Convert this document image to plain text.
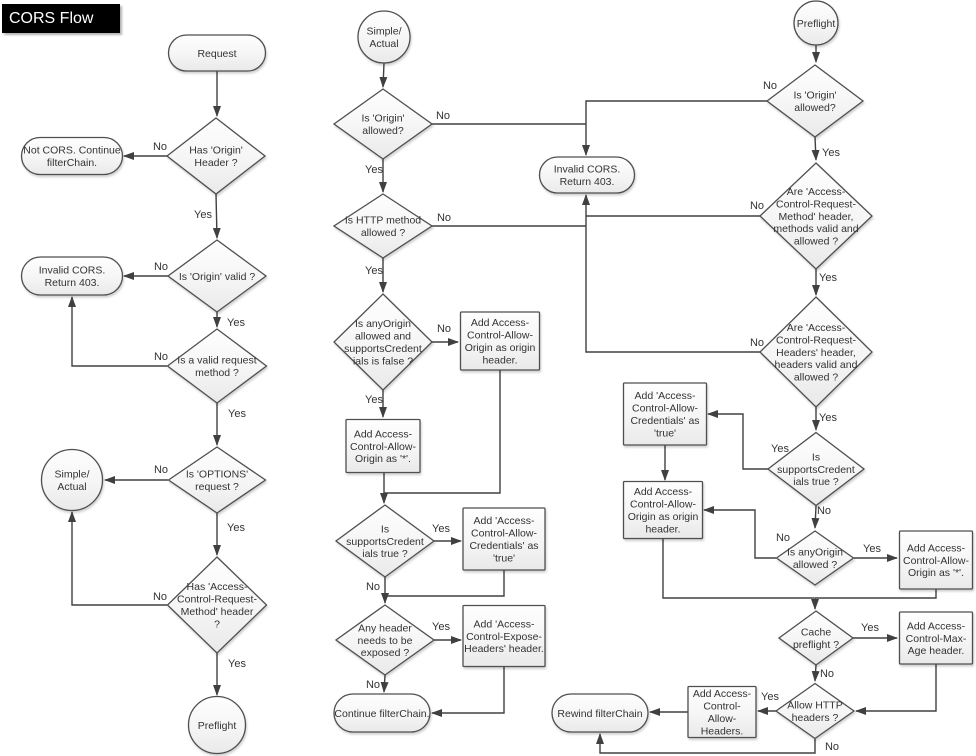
Request
Has 'Origin' Header ?
Not CORS. Continue filterChain.
Is 'Origin' valid ?
Invalid CORS. Return 403.
Is a valid request method ?
Is 'OPTIONS' request ?
Simple/ Actual
Has 'Access-Control-Request-Method' header ?
Preflight
Simple/ Actual
Is 'Origin' allowed?
Is HTTP method allowed ?
Is anyOrigin allowed and supportsCredent ials is false ?
Add Access-Control-Allow-Origin as origin header.
Add Access-Control-Allow-Origin as '*'.
Is supportsCredent ials true ?
Add 'Access-Control-Allow-Credentials' as 'true'
Any header needs to be exposed ?
Add 'Access-Control-Expose-Headers' header.
Continue filterChain.
Invalid CORS. Return 403.
Preflight
Is 'Origin' allowed?
Are 'Access-Control-Request-Method' header, methods valid and allowed ?
Are 'Access-Control-Request-Headers' header, headers valid and allowed ?
Is supportsCredent ials true ?
Add 'Access-Control-Allow-Credentials' as 'true'
Add Access-Control-Allow-Origin as origin header.
Is anyOrigin allowed ?
Add Access-Control-Allow-Origin as '*'.
Cache preflight ?
Add Access-Control-Max-Age header.
Allow HTTP headers ?
Add Access-Control-Allow-Headers.
Rewind filterChain
No
Yes
No
Yes
No
Yes
No
Yes
No
Yes
No
No
Yes
No
No
No
Yes
No
Yes
Yes
No
Yes
No
Yes
Yes
Yes
Yes
No
No
Yes
Yes
No
Yes
No
CORS Flow Chart
